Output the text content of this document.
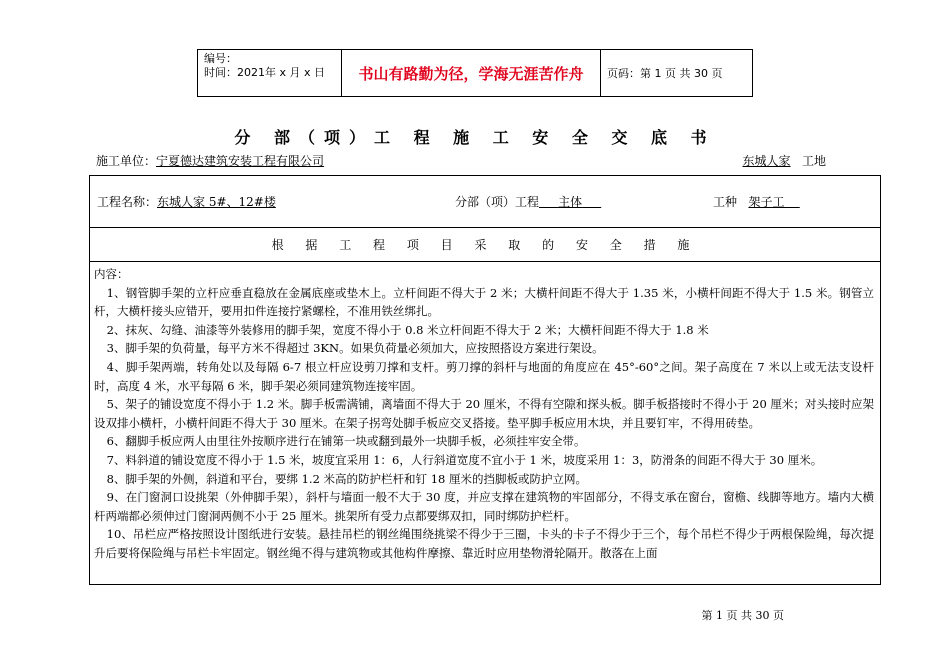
编号：
时间：2021年 x 月 x 日	书山有路勤为径，学海无涯苦作舟	页码：第 1 页 共 30 页
分 部（项）工 程 施 工 安 全 交 底 书
施工单位：宁夏德达建筑安装工程有限公司	东城人家 工地
工程名称：东城人家 5#、12#楼	分部（项）工程 主体	工种 架子工
根 据 工 程 项 目 采 取 的 安 全 措 施

内容：

1、钢管脚手架的立杆应垂直稳放在金属底座或垫木上。立杆间距不得大于 2 米；大横杆间距不得大于 1.35 米，小横杆间距不得大于 1.5 米。钢管立杆，大横杆接头应错开，要用扣件连接拧紧螺栓，不准用铁丝绑扎。

2、抹灰、勾缝、油漆等外装修用的脚手架，宽度不得小于 0.8 米立杆间距不得大于 2 米；大横杆间距不得大于 1.8 米

3、脚手架的负荷量，每平方米不得超过 3KN。如果负荷量必须加大，应按照搭设方案进行架设。

4、脚手架两端，转角处以及每隔 6-7 根立杆应设剪刀撑和支杆。剪刀撑的斜杆与地面的角度应在 45°-60°之间。架子高度在 7 米以上或无法支设杆时，高度 4 米，水平每隔 6 米，脚手架必须同建筑物连接牢固。

5、架子的铺设宽度不得小于 1.2 米。脚手板需满铺，离墙面不得大于 20 厘米，不得有空隙和探头板。脚手板搭接时不得小于 20 厘米；对头接时应架设双排小横杆，小横杆间距不得大于 30 厘米。在架子拐弯处脚手板应交叉搭接。垫平脚手板应用木块，并且要钉牢，不得用砖垫。

6、翻脚手板应两人由里往外按顺序进行在铺第一块或翻到最外一块脚手板，必须挂牢安全带。

7、料斜道的铺设宽度不得小于 1.5 米，坡度宜采用 1：6，人行斜道宽度不宜小于 1 米，坡度采用 1：3，防滑条的间距不得大于 30 厘米。

8、脚手架的外侧，斜道和平台，要绑 1.2 米高的防护栏杆和钉 18 厘米的挡脚板或防护立网。

9、在门窗洞口设挑架（外伸脚手架），斜杆与墙面一般不大于 30 度，并应支撑在建筑物的牢固部分，不得支承在窗台，窗檐、线脚等地方。墙内大横杆两端都必须伸过门窗洞两侧不小于 25 厘米。挑架所有受力点都要绑双扣，同时绑防护栏杆。

10、吊栏应严格按照设计图纸进行安装。悬挂吊栏的钢丝绳围绕挑梁不得少于三圈，卡头的卡子不得少于三个，每个吊栏不得少于两根保险绳，每次提升后要将保险绳与吊栏卡牢固定。钢丝绳不得与建筑物或其他构件摩擦、靠近时应用垫物滑轮隔开。散落在上面

第 1 页 共 30 页
